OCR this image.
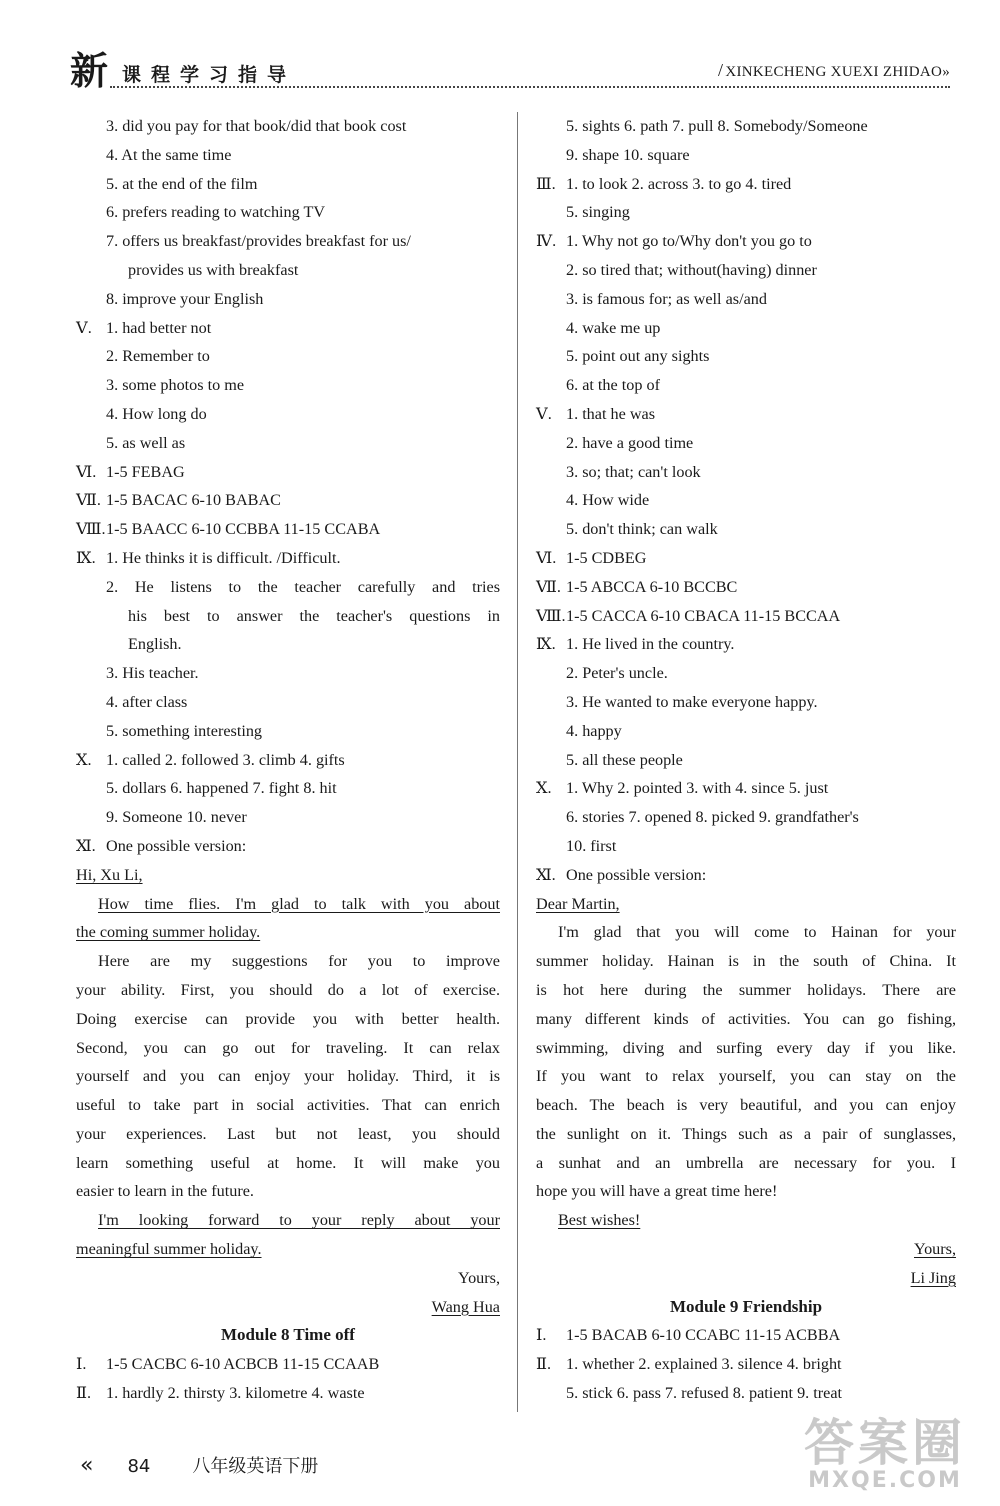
新 课程学习指导	/ XINKECHENG XUEXI ZHIDAO»
3. did you pay for that book/did that book cost
4. At the same time
5. at the end of the film
6. prefers reading to watching TV
7. offers us breakfast/provides breakfast for us/
provides us with breakfast
8. improve your English
Ⅴ. 1. had better not
2. Remember to
3. some photos to me
4. How long do
5. as well as
Ⅵ. 1-5 FEBAG
Ⅶ. 1-5 BACAC 6-10 BABAC
Ⅷ. 1-5 BAACC 6-10 CCBBA 11-15 CCABA
Ⅸ. 1. He thinks it is difficult. /Difficult.
2. He listens to the teacher carefully and tries
his best to answer the teacher's questions in
English.
3. His teacher.
4. after class
5. something interesting
Ⅹ. 1. called 2. followed 3. climb 4. gifts
5. dollars 6. happened 7. fight 8. hit
9. Someone 10. never
Ⅺ. One possible version:
Hi, Xu Li,
How time flies. I'm glad to talk with you about
the coming summer holiday.
Here are my suggestions for you to improve
your ability. First, you should do a lot of exercise.
Doing exercise can provide you with better health.
Second, you can go out for traveling. It can relax
yourself and you can enjoy your holiday. Third, it is
useful to take part in social activities. That can enrich
your experiences. Last but not least, you should
learn something useful at home. It will make you
easier to learn in the future.
I'm looking forward to your reply about your
meaningful summer holiday.
Yours,
Wang Hua
Module 8 Time off
Ⅰ. 1-5 CACBC 6-10 ACBCB 11-15 CCAAB
Ⅱ. 1. hardly 2. thirsty 3. kilometre 4. waste
5. sights 6. path 7. pull 8. Somebody/Someone
9. shape 10. square
Ⅲ. 1. to look 2. across 3. to go 4. tired
5. singing
Ⅳ. 1. Why not go to/Why don't you go to
2. so tired that; without(having) dinner
3. is famous for; as well as/and
4. wake me up
5. point out any sights
6. at the top of
Ⅴ. 1. that he was
2. have a good time
3. so; that; can't look
4. How wide
5. don't think; can walk
Ⅵ. 1-5 CDBEG
Ⅶ. 1-5 ABCCA 6-10 BCCBC
Ⅷ. 1-5 CACCA 6-10 CBACA 11-15 BCCAA
Ⅸ. 1. He lived in the country.
2. Peter's uncle.
3. He wanted to make everyone happy.
4. happy
5. all these people
Ⅹ. 1. Why 2. pointed 3. with 4. since 5. just
6. stories 7. opened 8. picked 9. grandfather's
10. first
Ⅺ. One possible version:
Dear Martin,
I'm glad that you will come to Hainan for your
summer holiday. Hainan is in the south of China. It
is hot here during the summer holidays. There are
many different kinds of activities. You can go fishing,
swimming, diving and surfing every day if you like.
If you want to relax yourself, you can stay on the
beach. The beach is very beautiful, and you can enjoy
the sunlight on it. Things such as a pair of sunglasses,
a sunhat and an umbrella are necessary for you. I
hope you will have a great time here!
Best wishes!
Yours,
Li Jing
Module 9 Friendship
Ⅰ. 1-5 BACAB 6-10 CCABC 11-15 ACBBA
Ⅱ. 1. whether 2. explained 3. silence 4. bright
5. stick 6. pass 7. refused 8. patient 9. treat
« 84 八年级英语下册	答案圈
MXQE.COM
